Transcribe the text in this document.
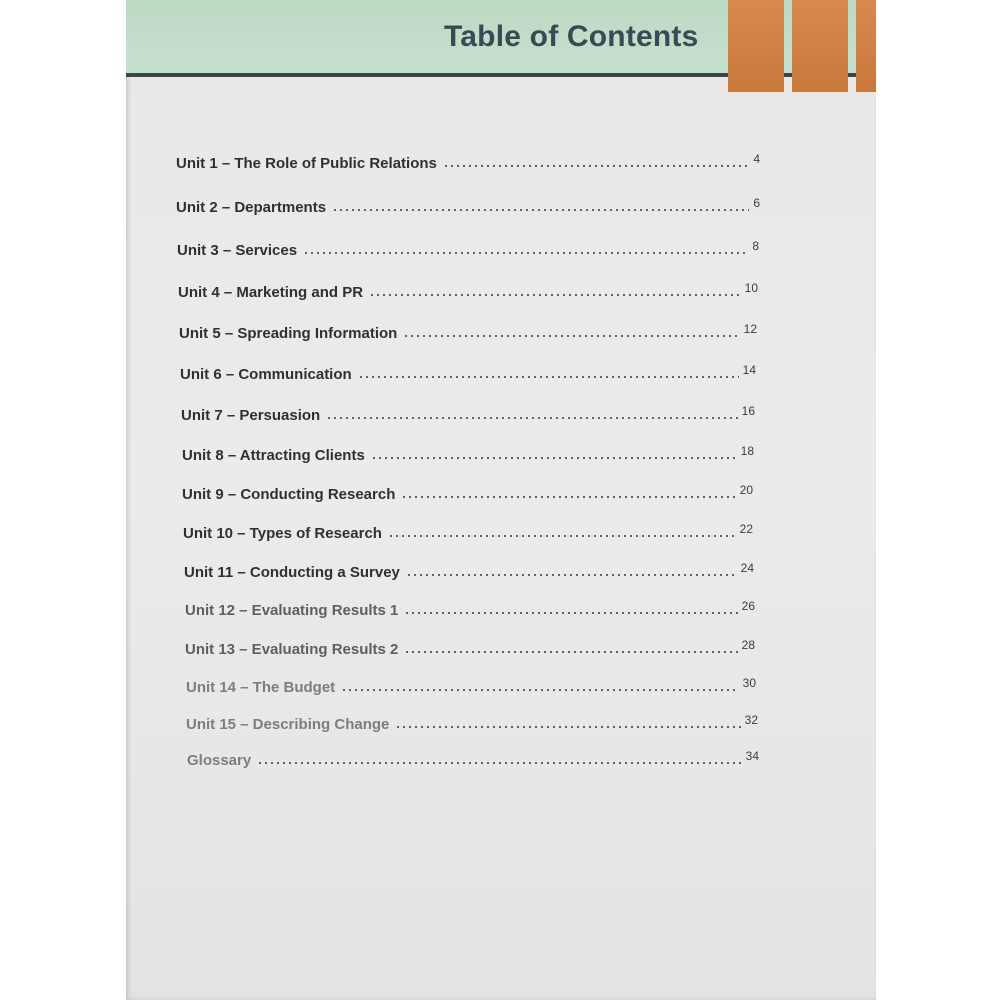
Table of Contents
Unit 1 – The Role of Public Relations	4
Unit 2 – Departments	6
Unit 3 – Services	8
Unit 4 – Marketing and PR	10
Unit 5 – Spreading Information	12
Unit 6 – Communication	14
Unit 7 – Persuasion	16
Unit 8 – Attracting Clients	18
Unit 9 – Conducting Research	20
Unit 10 – Types of Research	22
Unit 11 – Conducting a Survey	24
Unit 12 – Evaluating Results 1	26
Unit 13 – Evaluating Results 2	28
Unit 14 – The Budget	30
Unit 15 – Describing Change	32
Glossary	34
